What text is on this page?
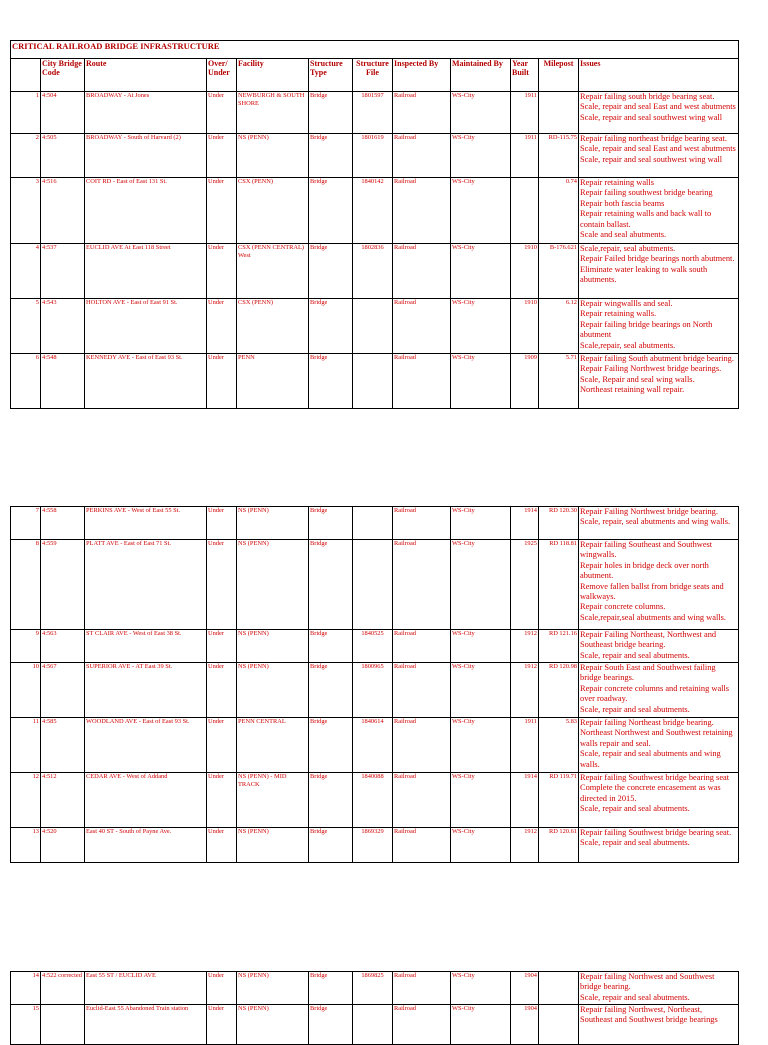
CRITICAL RAILROAD BRIDGE INFRASTRUCTURE											
	City Bridge Code	Route	Over/ Under	Facility	Structure Type	Structure File	Inspected By	Maintained By	Year Built	Milepost	Issues
1	4:504	BROADWAY - At Jones	Under	NEWBURGH & SOUTH SHORE	Bridge	1801597	Railroad	WS-City	1911		Repair failing south bridge bearing seat.
Scale, repair and seal East and west abutments
Scale, repair and seal southwest wing wall

2	4:505	BROADWAY - South of Harvard (2)	Under	NS (PENN)	Bridge	1801619	Railroad	WS-City	1911	RD-115.75	Repair failing northeast bridge bearing seat.
Scale, repair and seal East and west abutments
Scale, repair and seal southwest wing wall

3	4:516	COIT RD - East of East 131 St.	Under	CSX (PENN)	Bridge	1840142	Railroad	WS-City		0.74	Repair retaining walls
Repair failing southwest bridge bearing
Repair both fascia beams
Repair retaining walls and back wall to contain ballast.
Scale and seal abutments.

4	4:537	EUCLID AVE At East 118 Street	Under	CSX (PENN CENTRAL) West	Bridge	1802836	Railroad	WS-City	1910	B-176.621	Scale,repair, seal abutments.
Repair Failed bridge bearings north abutment.
Eliminate water leaking to walk south abutments.

5	4:543	HOLTON AVE - East of East 91 St.	Under	CSX (PENN)	Bridge		Railroad	WS-City	1910	6.12	Repair wingwallls and seal.
Repair retaining walls.
Repair failing bridge bearings on North abutment
Scale,repair, seal abutments.

6	4:548	KENNEDY AVE - East of East 93 St.	Under	PENN	Bridge		Railroad	WS-City	1909	5.71	Repair failing South abutment bridge bearing.
Repair Failing Northwest bridge bearings.
Scale, Repair and seal wing walls.
Northeast retaining wall repair.
7	4:558	PERKINS AVE - West of East 55 St.	Under	NS (PENN)	Bridge		Railroad	WS-City	1914	RD 120.30	Repair Failing Northwest bridge bearing.
Scale, repair, seal abutments and wing walls.

8	4:559	PLATT AVE - East of East 71 St.	Under	NS (PENN)	Bridge		Railroad	WS-City	1925	RD 118.81	Repair failing Southeast and Southwest wingwalls.
Repair holes in bridge deck over north abutment.
Remove fallen ballst from bridge seats and walkways.
Repair concrete columns.
Scale,repair,seal abutments and wing walls.

9	4:563	ST CLAIR AVE - West of East 38 St.	Under	NS (PENN)	Bridge	1840525	Railroad	WS-City	1912	RD 121.16	Repair Failing Northeast, Northwest and Southeast bridge bearing.
Scale, repair and seal abutments.

10	4:567	SUPERIOR AVE - AT East 39 St.	Under	NS (PENN)	Bridge	1800965	Railroad	WS-City	1912	RD 120.98	Repair South East and Southwest failing bridge bearings.
Repair concrete columns and retaining walls over roadway.
Scale, repair and seal abutments.

11	4:585	WOODLAND AVE - East of East 93 St.	Under	PENN CENTRAL	Bridge	1840614	Railroad	WS-City	1911	5.83	Repair failing Northeast bridge bearing.
Northeast Northwest and Southwest retaining walls repair and seal.
Scale, repair and seal abutments and wing walls.

12	4:512	CEDAR AVE - West of Addand	Under	NS (PENN) - MID TRACK	Bridge	1840088	Railroad	WS-City	1914	RD 119.71	Repair failing Southwest bridge bearing seat
Complete the concrete encasement as was directed in 2015.
Scale, repair and seal abutments.

13	4:520	East 40 ST - South of Payne Ave.	Under	NS (PENN)	Bridge	1869329	Railroad	WS-City	1912	RD 120.61	Repair failing Southwest bridge bearing seat.
Scale, repair and seal abutments.
14	4:522 corrected	East 55 ST / EUCLID AVE	Under	NS (PENN)	Bridge	1869825	Railroad	WS-City	1904		Repair failing Northwest and Southwest bridge bearing.
Scale, repair and seal abutments.

15		Euclid-East 55 Abandoned Train station	Under	NS (PENN)	Bridge		Railroad	WS-City	1904		Repair failing Northwest, Northeast,
Southeast and Southwest bridge bearings
